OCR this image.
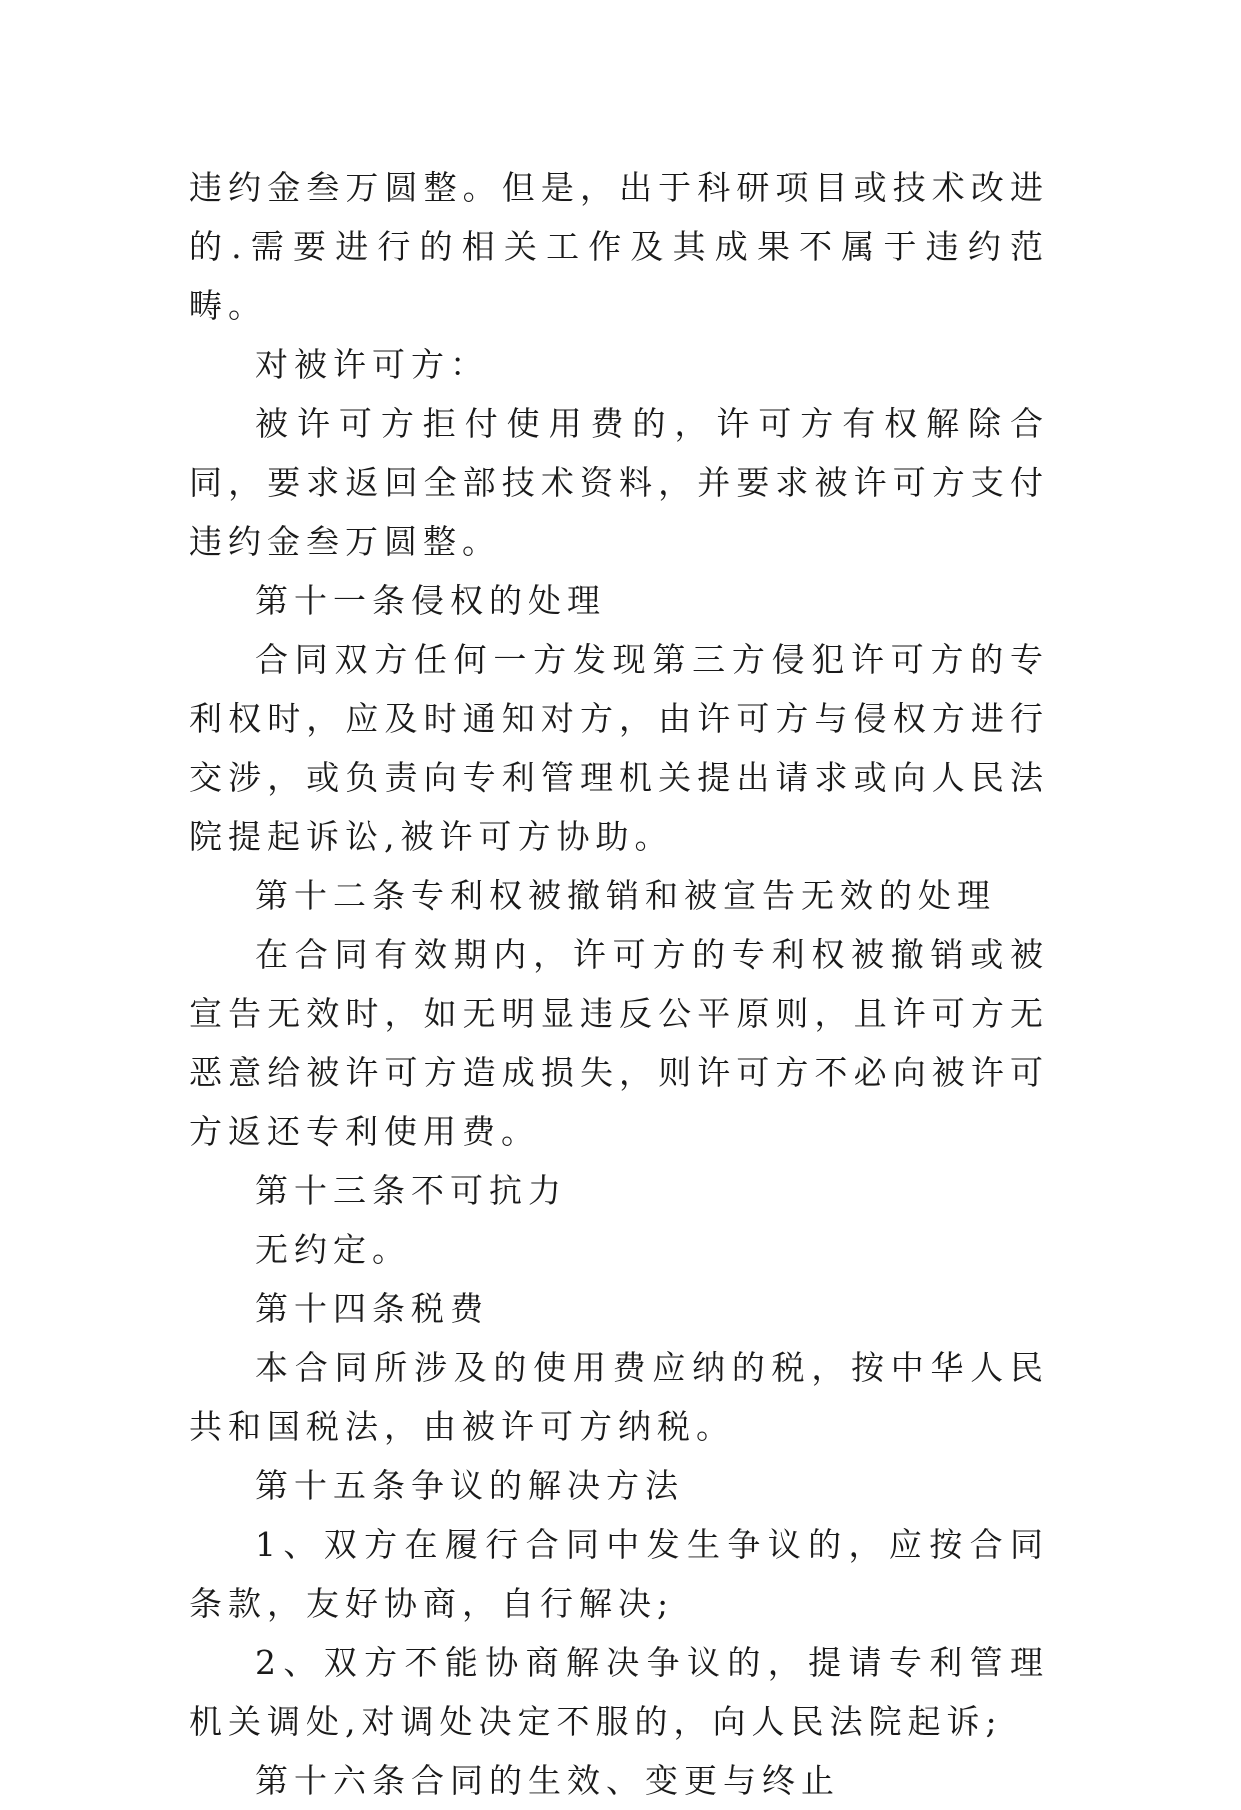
违约金叁万圆整。但是，出于科研项目或技术改进的.需要进行的相关工作及其成果不属于违约范畴。

对被许可方：

被许可方拒付使用费的，许可方有权解除合同，要求返回全部技术资料，并要求被许可方支付违约金叁万圆整。

第十一条侵权的处理

合同双方任何一方发现第三方侵犯许可方的专利权时，应及时通知对方，由许可方与侵权方进行交涉，或负责向专利管理机关提出请求或向人民法院提起诉讼,被许可方协助。

第十二条专利权被撤销和被宣告无效的处理

在合同有效期内，许可方的专利权被撤销或被宣告无效时，如无明显违反公平原则，且许可方无恶意给被许可方造成损失，则许可方不必向被许可方返还专利使用费。

第十三条不可抗力

无约定。

第十四条税费

本合同所涉及的使用费应纳的税，按中华人民共和国税法，由被许可方纳税。

第十五条争议的解决方法

1、双方在履行合同中发生争议的，应按合同条款，友好协商，自行解决;

2、双方不能协商解决争议的，提请专利管理机关调处,对调处决定不服的，向人民法院起诉;

第十六条合同的生效、变更与终止
